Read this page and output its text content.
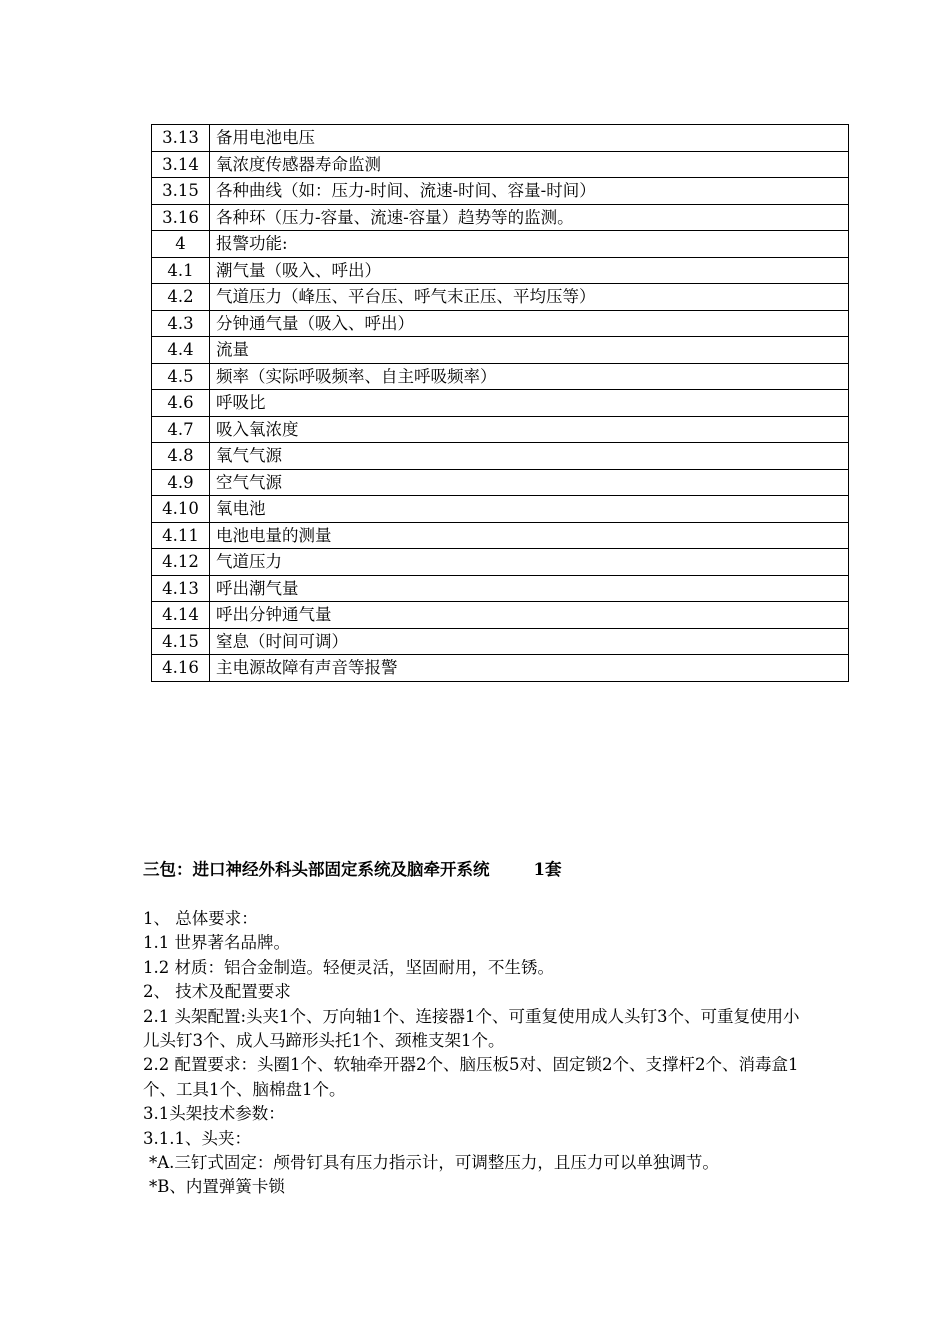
3.13	备用电池电压
3.14	氧浓度传感器寿命监测
3.15	各种曲线（如：压力-时间、流速-时间、容量-时间）
3.16	各种环（压力-容量、流速-容量）趋势等的监测。
4	报警功能:
4.1	潮气量（吸入、呼出）
4.2	气道压力（峰压、平台压、呼气末正压、平均压等）
4.3	分钟通气量（吸入、呼出）
4.4	流量
4.5	频率（实际呼吸频率、自主呼吸频率）
4.6	呼吸比
4.7	吸入氧浓度
4.8	氧气气源
4.9	空气气源
4.10	氧电池
4.11	电池电量的测量
4.12	气道压力
4.13	呼出潮气量
4.14	呼出分钟通气量
4.15	窒息（时间可调）
4.16	主电源故障有声音等报警
三包：进口神经外科头部固定系统及脑牵开系统	1套

1、 总体要求：

1.1 世界著名品牌。

1.2 材质：铝合金制造。轻便灵活，坚固耐用，不生锈。

2、 技术及配置要求

2.1 头架配置:头夹1个、万向轴1个、连接器1个、可重复使用成人头钉3个、可重复使用小儿头钉3个、成人马蹄形头托1个、颈椎支架1个。

2.2 配置要求：头圈1个、软轴牵开器2个、脑压板5对、固定锁2个、支撑杆2个、消毒盒1个、工具1个、脑棉盘1个。

3.1头架技术参数：

3.1.1、头夹：

*A.三钉式固定：颅骨钉具有压力指示计，可调整压力，且压力可以单独调节。

*B、内置弹簧卡锁
